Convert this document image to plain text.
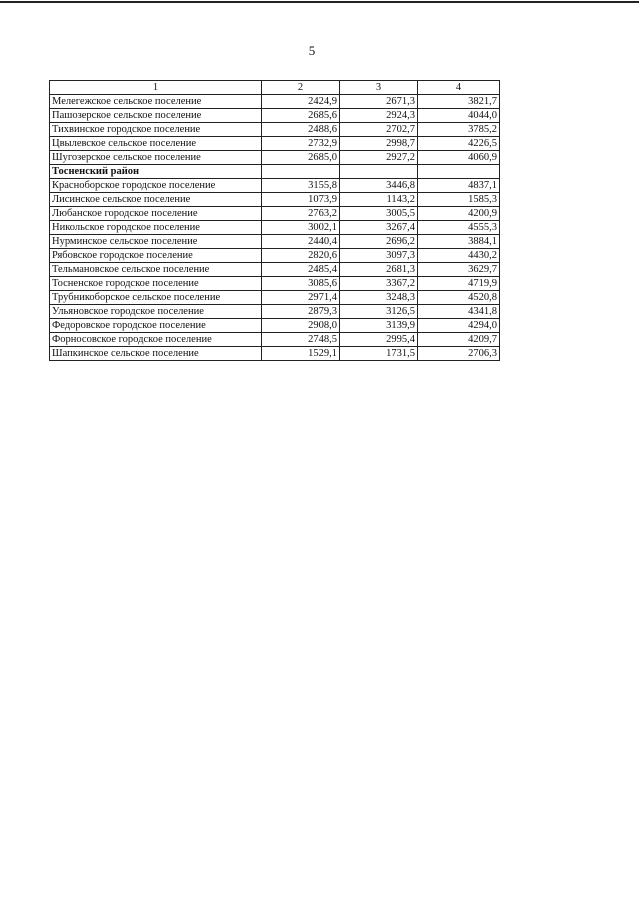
5
1	2	3	4
Мелегежское сельское поселение	2424,9	2671,3	3821,7
Пашозерское сельское поселение	2685,6	2924,3	4044,0
Тихвинское городское поселение	2488,6	2702,7	3785,2
Цвылевское сельское поселение	2732,9	2998,7	4226,5
Шугозерское сельское поселение	2685,0	2927,2	4060,9
Тосненский район			
Красноборское городское поселение	3155,8	3446,8	4837,1
Лисинское сельское поселение	1073,9	1143,2	1585,3
Любанское городское поселение	2763,2	3005,5	4200,9
Никольское городское поселение	3002,1	3267,4	4555,3
Нурминское сельское поселение	2440,4	2696,2	3884,1
Рябовское городское поселение	2820,6	3097,3	4430,2
Тельмановское сельское поселение	2485,4	2681,3	3629,7
Тосненское городское поселение	3085,6	3367,2	4719,9
Трубникоборское сельское поселение	2971,4	3248,3	4520,8
Ульяновское городское поселение	2879,3	3126,5	4341,8
Федоровское городское поселение	2908,0	3139,9	4294,0
Форносовское городское поселение	2748,5	2995,4	4209,7
Шапкинское сельское поселение	1529,1	1731,5	2706,3
